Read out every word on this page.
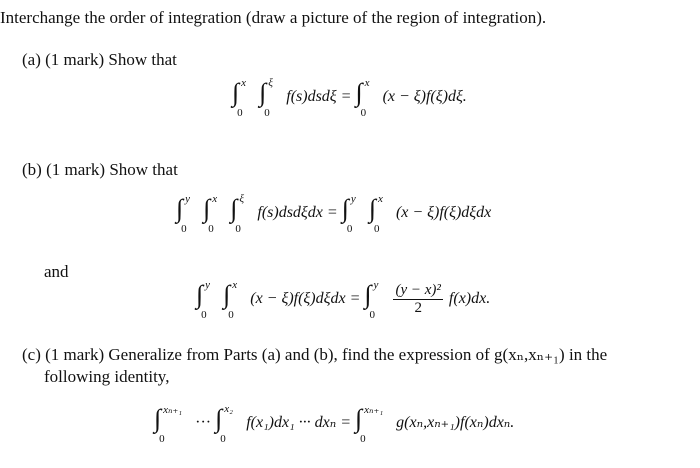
Interchange the order of integration (draw a picture of the region of integration).
(a) (1 mark) Show that
∫ x
0
∫ ξ
0
f(s)dsdξ = ∫ x
0
(x − ξ)f(ξ)dξ.
(b) (1 mark) Show that
∫ y
0
∫ x
0
∫ ξ
0
f(s)dsdξdx = ∫ y
0
∫ x
0
(x − ξ)f(ξ)dξdx
and
∫ y
0
∫ x
0
(x − ξ)f(ξ)dξdx = ∫ y
0
$\frac{\text{(y − x)²}}{2} f(x)dx$.
(c) (1 mark) Generalize from Parts (a) and (b), find the expression of g(xₙ,xₙ₊₁) in the
following identity,
∫ xₙ₊₁
0
··· ∫ x₂
0
f(x₁)dx₁ ··· dxₙ = ∫ xₙ₊₁
0
g(xₙ,xₙ₊₁)f(xₙ)dxₙ.
